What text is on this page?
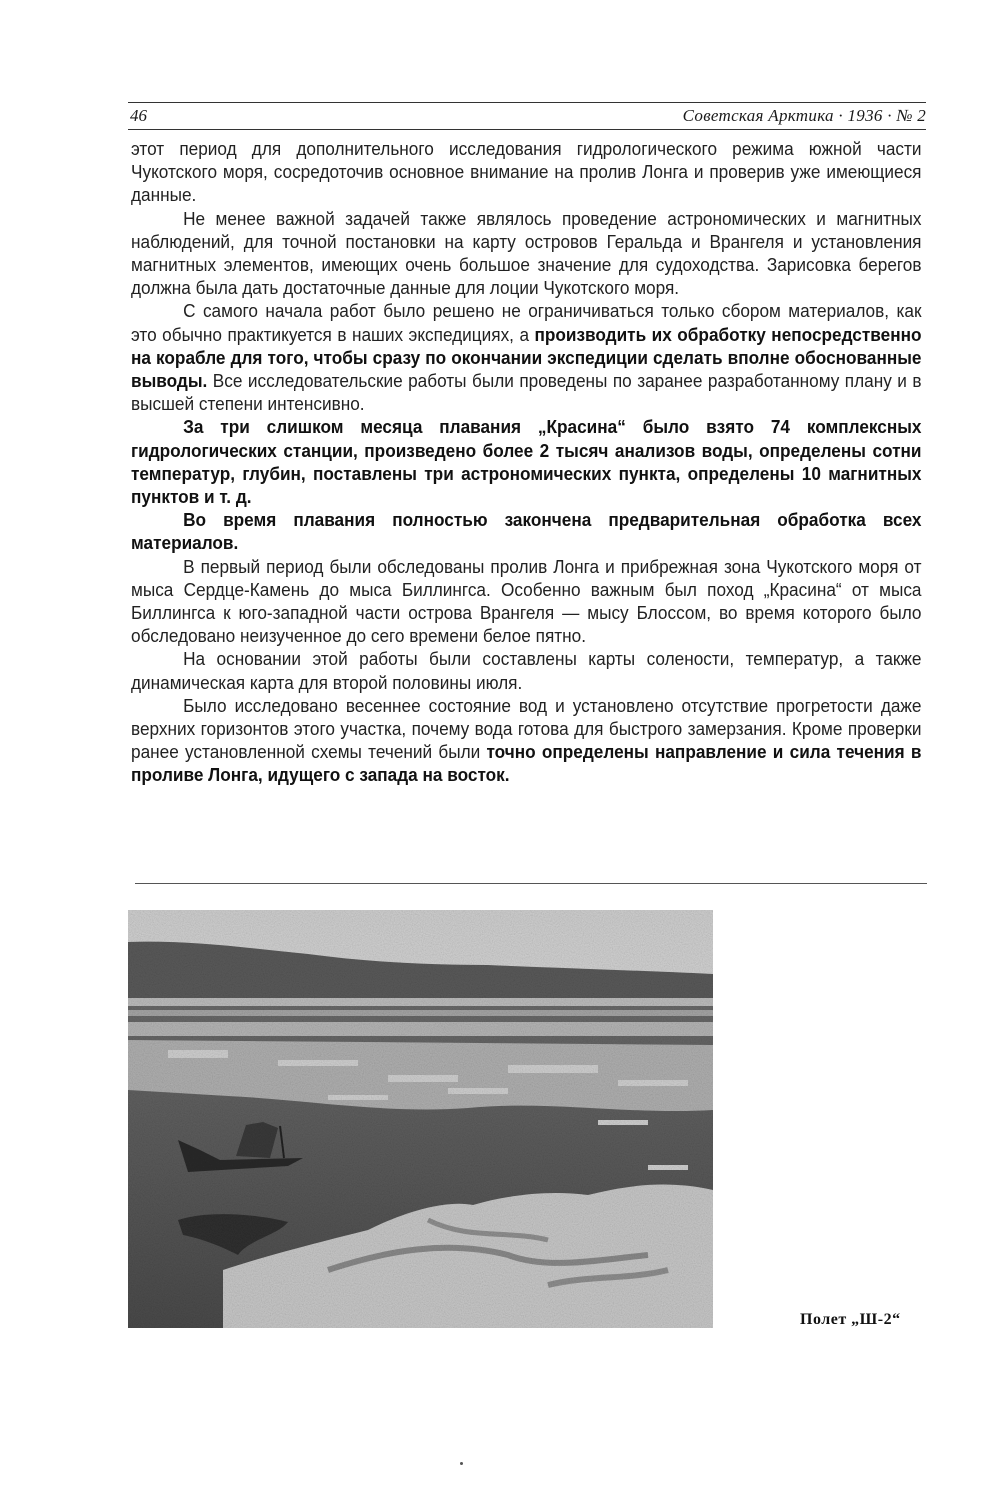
46	Советская Арктика · 1936 · № 2

этот период для дополнительного исследования гидрологического режима южной части Чукотского моря, сосредоточив основное внимание на пролив Лонга и проверив уже имеющиеся данные.

Не менее важной задачей также являлось проведение астрономических и магнитных наблюдений, для точной постановки на карту островов Геральда и Врангеля и установления магнитных элементов, имеющих очень большое значение для судоходства. Зарисовка берегов должна была дать достаточные данные для лоции Чукотского моря.

С самого начала работ было решено не ограничиваться только сбором материалов, как это обычно практикуется в наших экспедициях, а производить их обработку непосредственно на корабле для того, чтобы сразу по окончании экспедиции сделать вполне обоснованные выводы. Все исследовательские работы были проведены по заранее разработанному плану и в высшей степени интенсивно.

За три слишком месяца плавания „Красина“ было взято 74 комплексных гидрологических станции, произведено более 2 тысяч анализов воды, определены сотни температур, глубин, поставлены три астрономических пункта, определены 10 магнитных пунктов и т. д.

Во время плавания полностью закончена предварительная обработка всех материалов.

В первый период были обследованы пролив Лонга и прибрежная зона Чукотского моря от мыса Сердце-Камень до мыса Биллингса. Особенно важным был поход „Красина“ от мыса Биллингса к юго-западной части острова Врангеля — мысу Блоссом, во время которого было обследовано неизученное до сего времени белое пятно.

На основании этой работы были составлены карты солености, температур, а также динамическая карта для второй половины июля.

Было исследовано весеннее состояние вод и установлено отсутствие прогретости даже верхних горизонтов этого участка, почему вода готова для быстрого замерзания. Кроме проверки ранее установленной схемы течений были точно определены направление и сила течения в проливе Лонга, идущего с запада на восток.

Полет „Ш-2“
